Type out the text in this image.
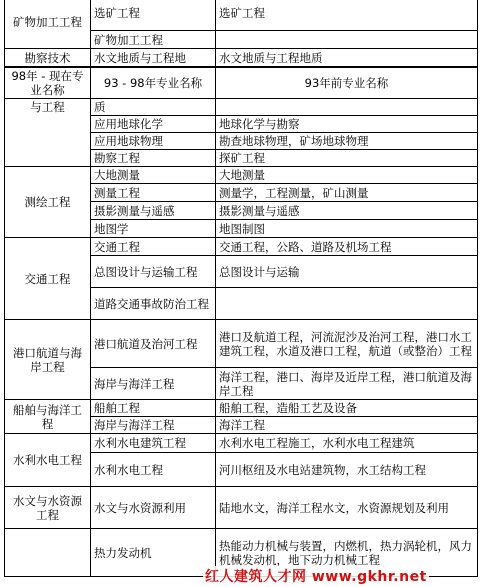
矿物加工工程	选矿工程	选矿工程
	矿物加工工程	
勘察技术	水文地质与工程地	水文地质与工程地质
98年 - 现在专业名称	93 - 98年专业名称	93年前专业名称
与工程	质	
	应用地球化学	地球化学与勘察
	应用地球物理	勘查地球物理，矿场地球物理
	勘察工程	探矿工程
测绘工程	大地测量	大地测量
	测量工程	测量学，工程测量，矿山测量
	摄影测量与遥感	摄影测量与遥感
	地图学	地图制图
交通工程	交通工程	交通工程，公路、道路及机场工程
	总图设计与运输工程	总图设计与运输
	道路交通事故防治工程	
港口航道与海岸工程	港口航道及治河工程	港口及航道工程，河流泥沙及治河工程，港口水工建筑工程，水道及港口工程，航道（或整治）工程
	海岸与海洋工程	海洋工程，港口、海岸及近岸工程，港口航道及海岸工程
船舶与海洋工程	船舶工程	船舶工程，造船工艺及设备
	海岸与海洋工程	海洋工程
水利水电工程	水利水电建筑工程	水利水电工程施工，水利水电工程建筑
	水利水电工程	河川枢纽及水电站建筑物，水工结构工程
水文与水资源工程	水文与水资源利用	陆地水文，海洋工程水文，水资源规划及利用
	热力发动机	热能动力机械与装置，内燃机，热力涡轮机，风力机械发动机，地下动力机械工程
红人建筑人才网 www.gkhr.net
